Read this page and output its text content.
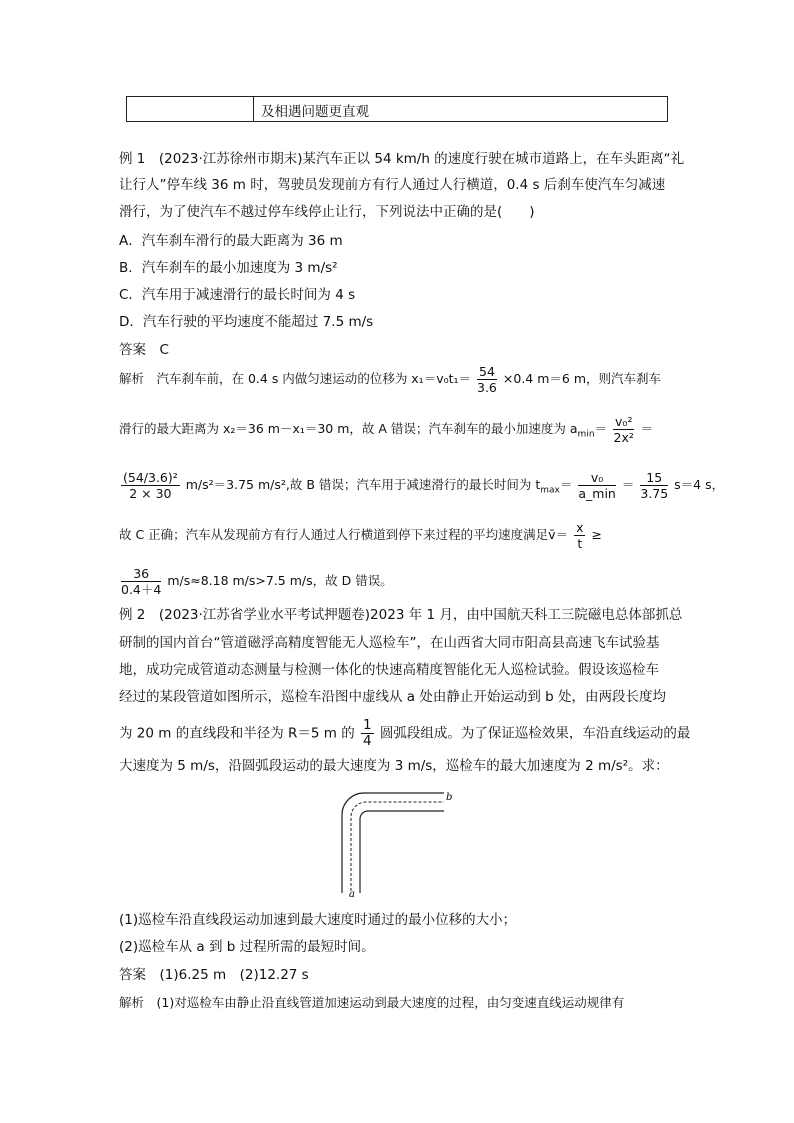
及相遇问题更直观
例 1　(2023·江苏徐州市期末)某汽车正以 54 km/h 的速度行驶在城市道路上，在车头距离“礼
让行人”停车线 36 m 时，驾驶员发现前方有行人通过人行横道，0.4 s 后刹车使汽车匀减速
滑行，为了使汽车不越过停车线停止让行，下列说法中正确的是(　　)
A．汽车刹车滑行的最大距离为 36 m
B．汽车刹车的最小加速度为 3 m/s²
C．汽车用于减速滑行的最长时间为 4 s
D．汽车行驶的平均速度不能超过 7.5 m/s
答案　C
解析　汽车刹车前，在 0.4 s 内做匀速运动的位移为 $x_1=v_0t_1= \frac{54}{3.6} \times 0.4$ m＝6 m，则汽车刹车
滑行的最大距离为 x₂＝36 m－x₁＝30 m，故 A 错误；汽车刹车的最小加速度为 $a_{min}= \frac{\text{v₀²}}{\text{2x²}}$ ＝
$\frac{\text{(54/3.6)²}}{2 \times 30} m/s^2=3.75$ m/s²,故 B 错误；汽车用于减速滑行的最长时间为 $t_{max}= \frac{\text{v₀}}{a\_\min} = \frac{15}{3.75} s=4$ s，
故 C 正确；汽车从发现前方有行人通过人行横道到停下来过程的平均速度满足v̄＝ $\frac{x}{t}$ ≥
$\frac{36}{0.4+4} m/s\approx 8.18$ m/s>7.5 m/s，故 D 错误。
例 2　(2023·江苏省学业水平考试押题卷)2023 年 1 月，由中国航天科工三院磁电总体部抓总
研制的国内首台“管道磁浮高精度智能无人巡检车”，在山西省大同市阳高县高速飞车试验基
地，成功完成管道动态测量与检测一体化的快速高精度智能化无人巡检试验。假设该巡检车
经过的某段管道如图所示，巡检车沿图中虚线从 a 处由静止开始运动到 b 处，由两段长度均
为 20 m 的直线段和半径为 R＝5 m 的 $\frac{1}{4}$ 圆弧段组成。为了保证巡检效果，车沿直线运动的最
大速度为 5 m/s，沿圆弧段运动的最大速度为 3 m/s，巡检车的最大加速度为 2 m/s²。求：
a
b
(1)巡检车沿直线段运动加速到最大速度时通过的最小位移的大小；
(2)巡检车从 a 到 b 过程所需的最短时间。
答案　(1)6.25 m　(2)12.27 s
解析　(1)对巡检车由静止沿直线管道加速运动到最大速度的过程，由匀变速直线运动规律有
